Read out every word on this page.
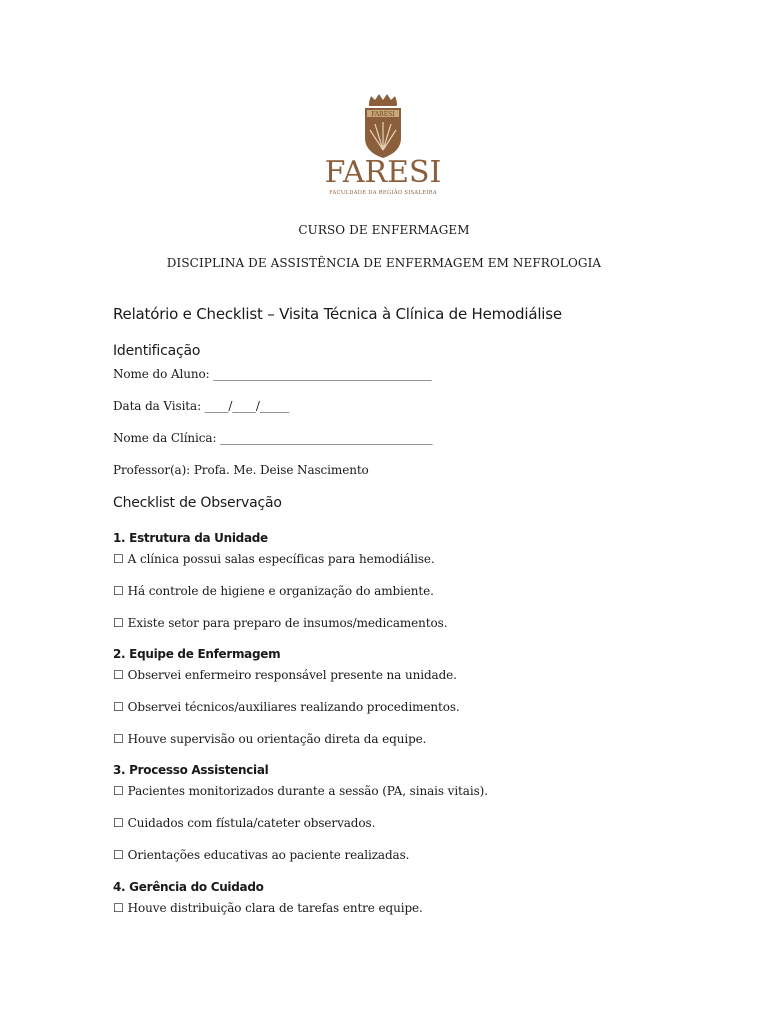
FARESI
FARESI
FACULDADE DA REGIÃO SISALEIRA
CURSO DE ENFERMAGEM
DISCIPLINA DE ASSISTÊNCIA DE ENFERMAGEM EM NEFROLOGIA
Relatório e Checklist – Visita Técnica à Clínica de Hemodiálise
Identificação
Nome do Aluno: _____________________________________
Data da Visita: ____/____/_____
Nome da Clínica: ____________________________________
Professor(a): Profa. Me. Deise Nascimento
Checklist de Observação
1. Estrutura da Unidade
☐ A clínica possui salas específicas para hemodiálise.
☐ Há controle de higiene e organização do ambiente.
☐ Existe setor para preparo de insumos/medicamentos.
2. Equipe de Enfermagem
☐ Observei enfermeiro responsável presente na unidade.
☐ Observei técnicos/auxiliares realizando procedimentos.
☐ Houve supervisão ou orientação direta da equipe.
3. Processo Assistencial
☐ Pacientes monitorizados durante a sessão (PA, sinais vitais).
☐ Cuidados com fístula/cateter observados.
☐ Orientações educativas ao paciente realizadas.
4. Gerência do Cuidado
☐ Houve distribuição clara de tarefas entre equipe.
